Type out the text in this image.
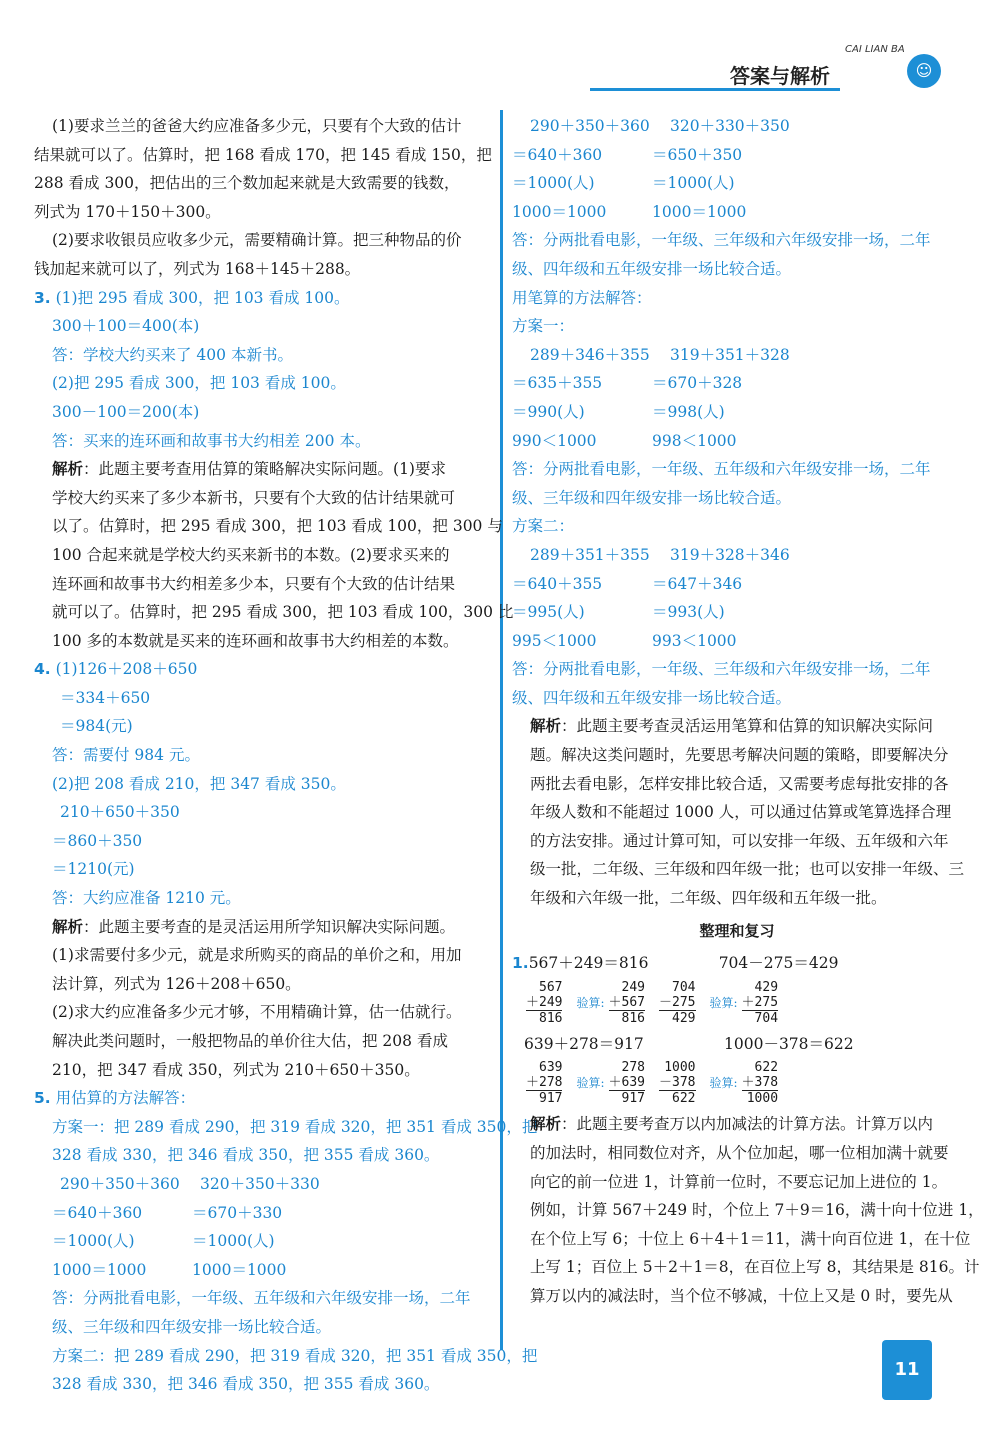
答案与解析
CAI LIAN BA
☺
(1)要求兰兰的爸爸大约应准备多少元，只要有个大致的估计
结果就可以了。估算时，把 168 看成 170，把 145 看成 150，把
288 看成 300，把估出的三个数加起来就是大致需要的钱数，
列式为 170＋150＋300。
(2)要求收银员应收多少元，需要精确计算。把三种物品的价
钱加起来就可以了，列式为 168＋145＋288。
3. (1)把 295 看成 300，把 103 看成 100。
300＋100＝400(本)
答：学校大约买来了 400 本新书。
(2)把 295 看成 300，把 103 看成 100。
300－100＝200(本)
答：买来的连环画和故事书大约相差 200 本。
解析：此题主要考查用估算的策略解决实际问题。(1)要求
学校大约买来了多少本新书，只要有个大致的估计结果就可
以了。估算时，把 295 看成 300，把 103 看成 100，把 300 与
100 合起来就是学校大约买来新书的本数。(2)要求买来的
连环画和故事书大约相差多少本，只要有个大致的估计结果
就可以了。估算时，把 295 看成 300，把 103 看成 100，300 比
100 多的本数就是买来的连环画和故事书大约相差的本数。
4. (1)126＋208＋650
＝334＋650
＝984(元)
答：需要付 984 元。
(2)把 208 看成 210，把 347 看成 350。
210＋650＋350
＝860＋350
＝1210(元)
答：大约应准备 1210 元。
解析：此题主要考查的是灵活运用所学知识解决实际问题。
(1)求需要付多少元，就是求所购买的商品的单价之和，用加
法计算，列式为 126＋208＋650。
(2)求大约应准备多少元才够，不用精确计算，估一估就行。
解决此类问题时，一般把物品的单价往大估，把 208 看成
210，把 347 看成 350，列式为 210＋650＋350。
5. 用估算的方法解答：
方案一：把 289 看成 290，把 319 看成 320，把 351 看成 350，把
328 看成 330，把 346 看成 350，把 355 看成 360。
290＋350＋360	320＋350＋330
＝640＋360	＝670＋330
＝1000(人)	＝1000(人)
1000＝1000	1000＝1000
答：分两批看电影，一年级、五年级和六年级安排一场，二年
级、三年级和四年级安排一场比较合适。
方案二：把 289 看成 290，把 319 看成 320，把 351 看成 350，把
328 看成 330，把 346 看成 350，把 355 看成 360。
290＋350＋360	320＋330＋350
＝640＋360	＝650＋350
＝1000(人)	＝1000(人)
1000＝1000	1000＝1000
答：分两批看电影，一年级、三年级和六年级安排一场，二年
级、四年级和五年级安排一场比较合适。
用笔算的方法解答：
方案一：
289＋346＋355	319＋351＋328
＝635＋355	＝670＋328
＝990(人)	＝998(人)
990＜1000	998＜1000
答：分两批看电影，一年级、五年级和六年级安排一场，二年
级、三年级和四年级安排一场比较合适。
方案二：
289＋351＋355	319＋328＋346
＝640＋355	＝647＋346
＝995(人)	＝993(人)
995＜1000	993＜1000
答：分两批看电影，一年级、三年级和六年级安排一场，二年
级、四年级和五年级安排一场比较合适。
解析：此题主要考查灵活运用笔算和估算的知识解决实际问
题。解决这类问题时，先要思考解决问题的策略，即要解决分
两批去看电影，怎样安排比较合适，又需要考虑每批安排的各
年级人数和不能超过 1000 人，可以通过估算或笔算选择合理
的方法安排。通过计算可知，可以安排一年级、五年级和六年
级一批，二年级、三年级和四年级一批；也可以安排一年级、三
年级和六年级一批，二年级、四年级和五年级一批。
整理和复习
1. 567＋249＝816	704－275＝429
567
＋249
816
验算:
249
＋567
816
704
－275
429
验算:
429
＋275
704
639＋278＝917	1000－378＝622
639
＋278
917
验算:
278
＋639
917
1000
－378
622
验算:
622
＋378
1000
解析：此题主要考查万以内加减法的计算方法。计算万以内
的加法时，相同数位对齐，从个位加起，哪一位相加满十就要
向它的前一位进 1，计算前一位时，不要忘记加上进位的 1。
例如，计算 567＋249 时，个位上 7＋9＝16，满十向十位进 1，
在个位上写 6；十位上 6＋4＋1＝11，满十向百位进 1，在十位
上写 1；百位上 5＋2＋1＝8，在百位上写 8，其结果是 816。计
算万以内的减法时，当个位不够减，十位上又是 0 时，要先从
11
